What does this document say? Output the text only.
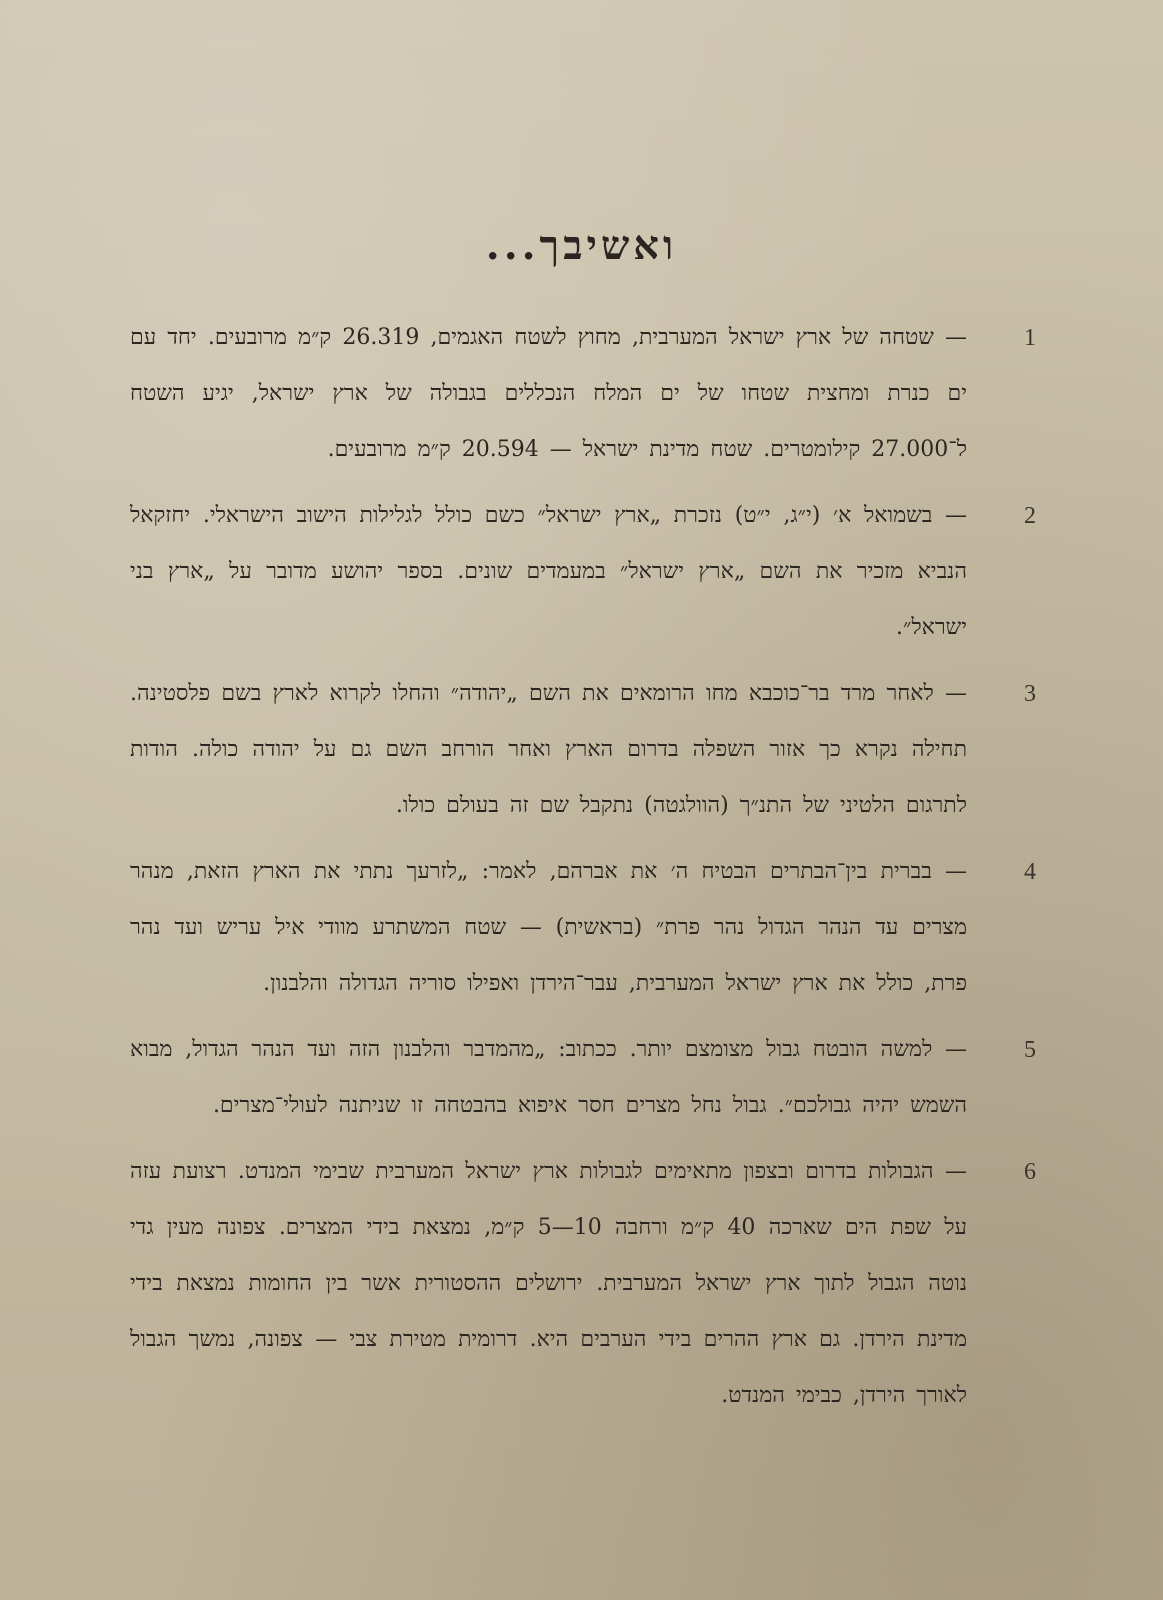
ואשיבך...
1
— שטחה של ארץ ישראל המערבית, מחוץ לשטח האגמים, 26.319 ק״מ מרובעים. יחד עם ים כנרת ומחצית שטחו של ים המלח הנכללים בגבולה של ארץ ישראל, יגיע השטח ל־27.000 קילומטרים. שטח מדינת ישראל — 20.594 ק״מ מרובעים.
2
— בשמואל א׳ (י״ג, י״ט) נזכרת „ארץ ישראל״ כשם כולל לגלילות הישוב הישראלי. יחזקאל הנביא מזכיר את השם „ארץ ישראל״ במעמדים שונים. בספר יהושע מדובר על „ארץ בני ישראל״.
3
— לאחר מרד בר־כוכבא מחו הרומאים את השם „יהודה״ והחלו לקרוא לארץ בשם פלסטינה. תחילה נקרא כך אזור השפלה בדרום הארץ ואחר הורחב השם גם על יהודה כולה. הודות לתרגום הלטיני של התנ״ך (הוולגטה) נתקבל שם זה בעולם כולו.
4
— בברית בין־הבתרים הבטיח ה׳ את אברהם, לאמר: „לזרעך נתתי את הארץ הזאת, מנהר מצרים עד הנהר הגדול נהר פרת״ (בראשית) — שטח המשתרע מוודי איל עריש ועד נהר פרת, כולל את ארץ ישראל המערבית, עבר־הירדן ואפילו סוריה הגדולה והלבנון.
5
— למשה הובטח גבול מצומצם יותר. ככתוב: „מהמדבר והלבנון הזה ועד הנהר הגדול, מבוא השמש יהיה גבולכם״. גבול נחל מצרים חסר איפוא בהבטחה זו שניתנה לעולי־מצרים.
6
— הגבולות בדרום ובצפון מתאימים לגבולות ארץ ישראל המערבית שבימי המנדט. רצועת עזה על שפת הים שארכה 40 ק״מ ורחבה 10—5 ק״מ, נמצאת בידי המצרים. צפונה מעין גדי נוטה הגבול לתוך ארץ ישראל המערבית. ירושלים ההסטורית אשר בין החומות נמצאת בידי מדינת הירדן. גם ארץ ההרים בידי הערבים היא. דרומית מטירת צבי — צפונה, נמשך הגבול לאורך הירדן, כבימי המנדט.
